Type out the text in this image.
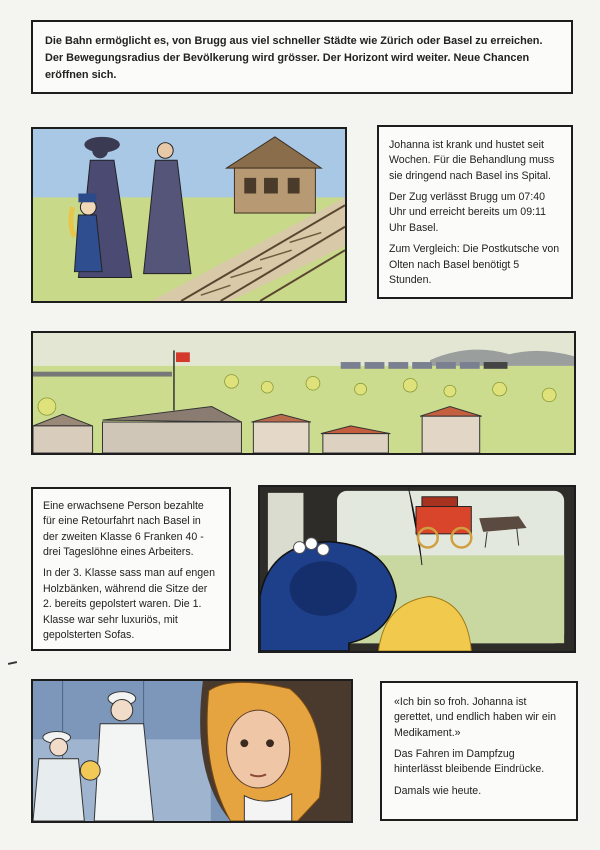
Die Bahn ermöglicht es, von Brugg aus viel schneller Städte wie Zürich oder Basel zu erreichen. Der Bewegungsradius der Bevölkerung wird grösser. Der Horizont wird weiter. Neue Chancen eröffnen sich.

Johanna ist krank und hustet seit Wochen. Für die Behandlung muss sie dringend nach Basel ins Spital.

Der Zug verlässt Brugg um 07:40 Uhr und erreicht bereits um 09:11 Uhr Basel.

Zum Vergleich: Die Postkutsche von Olten nach Basel benötigt 5 Stunden.

Eine erwachsene Person bezahlte für eine Retourfahrt nach Basel in der zweiten Klasse 6 Franken 40 - drei Tageslöhne eines Arbeiters.

In der 3. Klasse sass man auf engen Holzbänken, während die Sitze der 2. bereits gepolstert waren. Die 1. Klasse war sehr luxuriös, mit gepolsterten Sofas.

«Ich bin so froh. Johanna ist gerettet, und endlich haben wir ein Medikament.»

Das Fahren im Dampfzug hinterlässt bleibende Eindrücke.

Damals wie heute.
